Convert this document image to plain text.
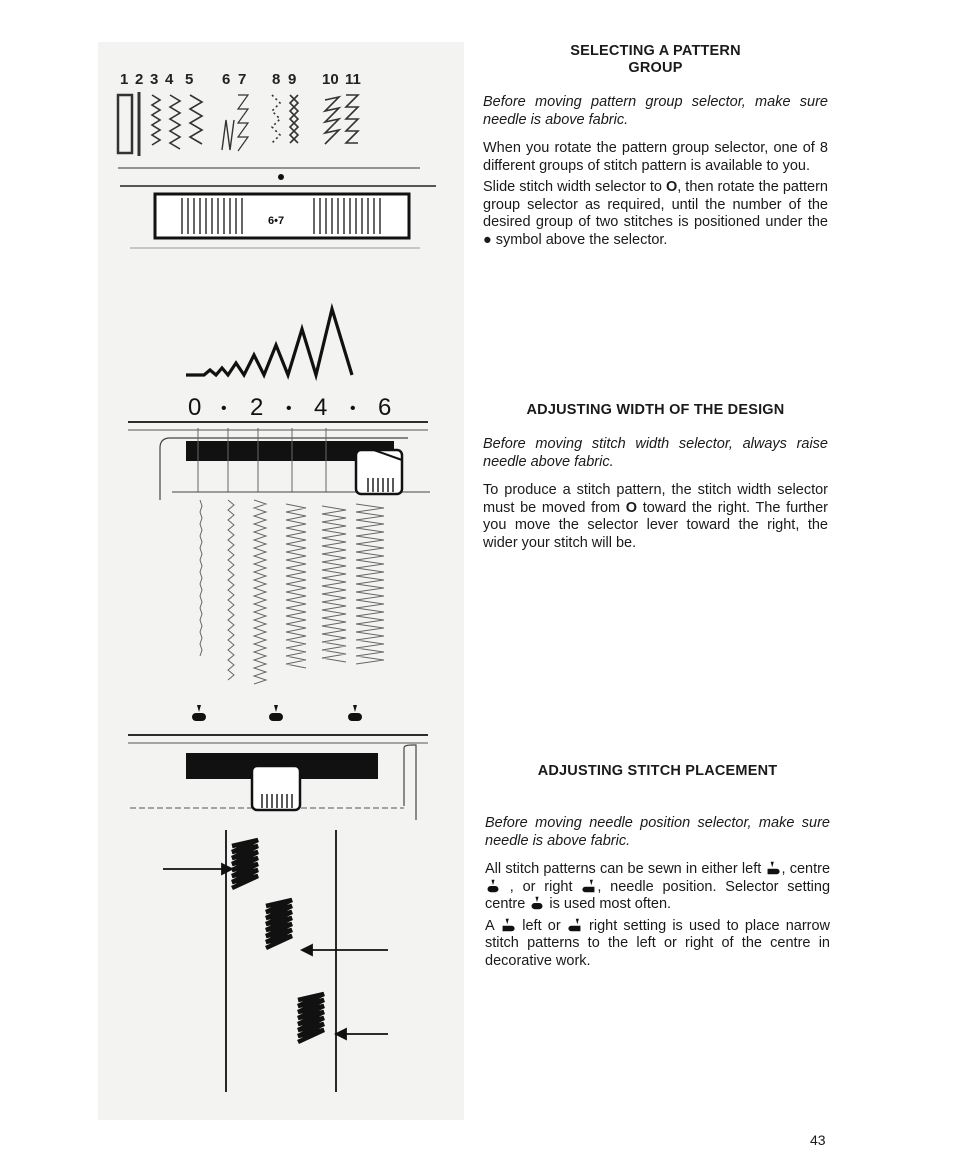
1 2 3 4 5 6 7 8 9 10 11
6•7
0 • 2 • 4 • 6

SELECTING A PATTERN
GROUP

Before moving pattern group selector, make sure needle is above fabric.

When you rotate the pattern group selector, one of 8 different groups of stitch pattern is available to you.

Slide stitch width selector to O, then rotate the pattern group selector as required, until the number of the desired group of two stitches is positioned under the ● symbol above the selector.

ADJUSTING WIDTH OF THE DESIGN

Before moving stitch width selector, always raise needle above fabric.

To produce a stitch pattern, the stitch width selector must be moved from O toward the right. The further you move the selector lever toward the right, the wider your stitch will be.

ADJUSTING STITCH PLACEMENT

Before moving needle position selector, make sure needle is above fabric.

All stitch patterns can be sewn in either left , centre  , or right , needle position. Selector setting centre is used most often.

A left or right setting is used to place narrow stitch patterns to the left or right of the centre in decorative work.

43
